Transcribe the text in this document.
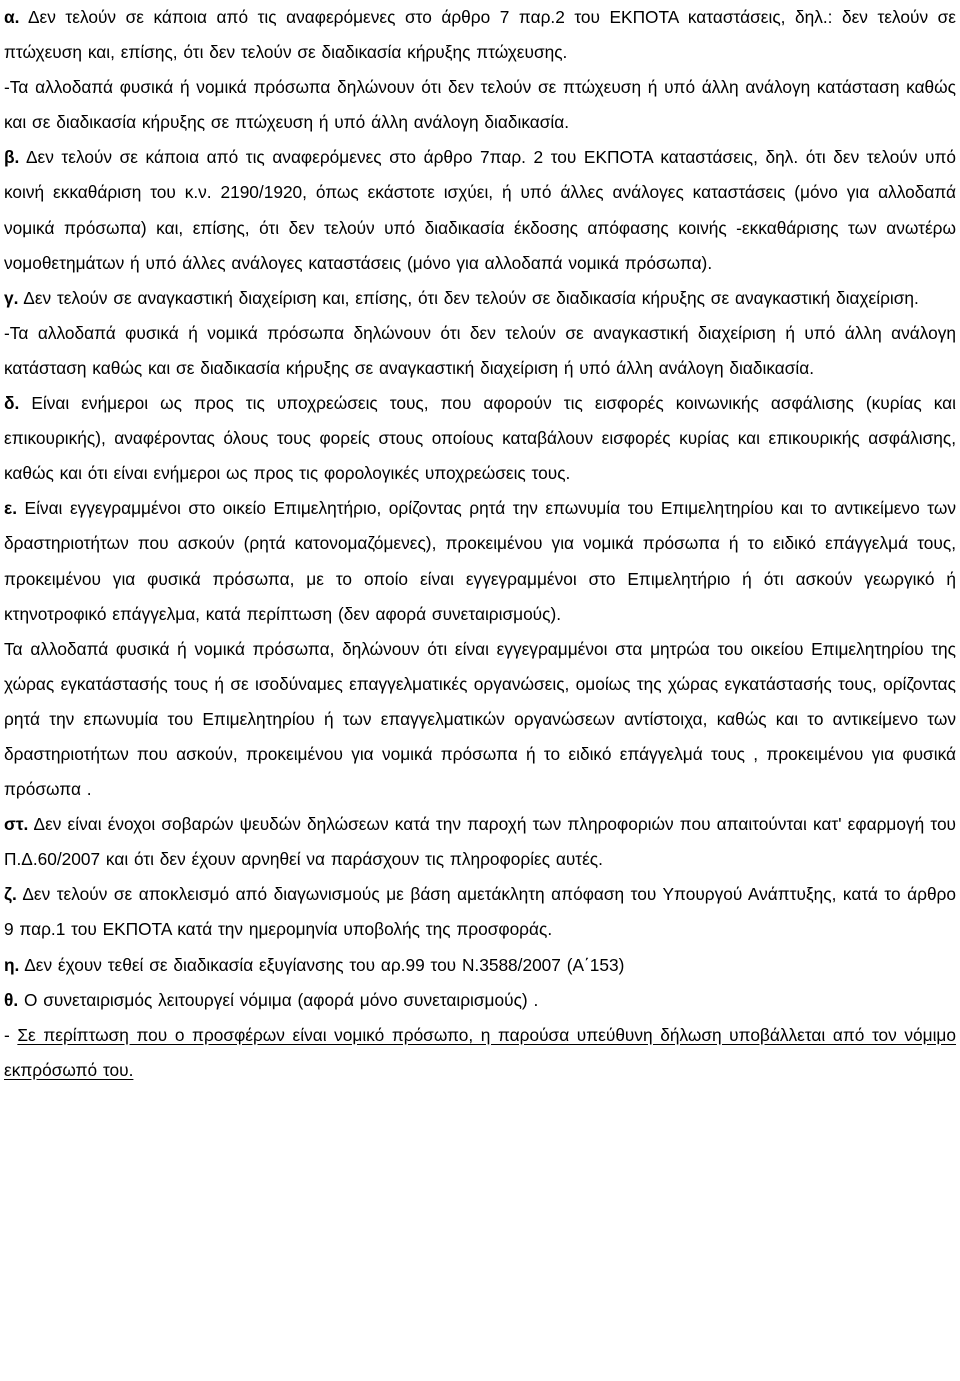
α. Δεν τελούν σε κάποια από τις αναφερόμενες στο άρθρο 7 παρ.2 του ΕΚΠΟΤΑ καταστάσεις, δηλ.: δεν τελούν σε πτώχευση και, επίσης, ότι δεν τελούν σε διαδικασία κήρυξης πτώχευσης.

-Τα αλλοδαπά φυσικά ή νομικά πρόσωπα δηλώνουν ότι δεν τελούν σε πτώχευση ή υπό άλλη ανάλογη κατάσταση καθώς και σε διαδικασία κήρυξης σε πτώχευση ή υπό άλλη ανάλογη διαδικασία.

β. Δεν τελούν σε κάποια από τις αναφερόμενες στο άρθρο 7παρ. 2 του ΕΚΠΟΤΑ καταστάσεις, δηλ. ότι δεν τελούν υπό κοινή εκκαθάριση του κ.ν. 2190/1920, όπως εκάστοτε ισχύει, ή υπό άλλες ανάλογες καταστάσεις (μόνο για αλλοδαπά νομικά πρόσωπα) και, επίσης, ότι δεν τελούν υπό διαδικασία έκδοσης απόφασης κοινής -εκκαθάρισης των ανωτέρω νομοθετημάτων ή υπό άλλες ανάλογες καταστάσεις (μόνο για αλλοδαπά νομικά πρόσωπα).

γ. Δεν τελούν σε αναγκαστική διαχείριση και, επίσης, ότι δεν τελούν σε διαδικασία κήρυξης σε αναγκαστική διαχείριση.

-Τα αλλοδαπά φυσικά ή νομικά πρόσωπα δηλώνουν ότι δεν τελούν σε αναγκαστική διαχείριση ή υπό άλλη ανάλογη κατάσταση καθώς και σε διαδικασία κήρυξης σε αναγκαστική διαχείριση ή υπό άλλη ανάλογη διαδικασία.

δ. Είναι ενήμεροι ως προς τις υποχρεώσεις τους, που αφορούν τις εισφορές κοινωνικής ασφάλισης (κυρίας και επικουρικής), αναφέροντας όλους τους φορείς στους οποίους καταβάλουν εισφορές κυρίας και επικουρικής ασφάλισης, καθώς και ότι είναι ενήμεροι ως προς τις φορολογικές υποχρεώσεις τους.

ε. Είναι εγγεγραμμένοι στο οικείο Επιμελητήριο, ορίζοντας ρητά την επωνυμία του Επιμελητηρίου και το αντικείμενο των δραστηριοτήτων που ασκούν (ρητά κατονομαζόμενες), προκειμένου για νομικά πρόσωπα ή το ειδικό επάγγελμά τους, προκειμένου για φυσικά πρόσωπα, με το οποίο είναι εγγεγραμμένοι στο Επιμελητήριο ή ότι ασκούν γεωργικό ή κτηνοτροφικό επάγγελμα, κατά περίπτωση (δεν αφορά συνεταιρισμούς).

Τα αλλοδαπά φυσικά ή νομικά πρόσωπα, δηλώνουν ότι είναι εγγεγραμμένοι στα μητρώα του οικείου Επιμελητηρίου της χώρας εγκατάστασής τους ή σε ισοδύναμες επαγγελματικές οργανώσεις, ομοίως της χώρας εγκατάστασής τους, ορίζοντας ρητά την επωνυμία του Επιμελητηρίου ή των επαγγελματικών οργανώσεων αντίστοιχα, καθώς και το αντικείμενο των δραστηριοτήτων που ασκούν, προκειμένου για νομικά πρόσωπα ή το ειδικό επάγγελμά τους , προκειμένου για φυσικά πρόσωπα .

στ. Δεν είναι ένοχοι σοβαρών ψευδών δηλώσεων κατά την παροχή των πληροφοριών που απαιτούνται κατ' εφαρμογή του Π.Δ.60/2007 και ότι δεν έχουν αρνηθεί να παράσχουν τις πληροφορίες αυτές.

ζ. Δεν τελούν σε αποκλεισμό από διαγωνισμούς με βάση αμετάκλητη απόφαση του Υπουργού Ανάπτυξης, κατά το άρθρο 9 παρ.1 του ΕΚΠΟΤΑ κατά την ημερομηνία υποβολής της προσφοράς.

η. Δεν έχουν τεθεί σε διαδικασία εξυγίανσης του αρ.99 του Ν.3588/2007 (Α΄153)

θ. Ο συνεταιρισμός λειτουργεί νόμιμα (αφορά μόνο συνεταιρισμούς) .

- Σε περίπτωση που ο προσφέρων είναι νομικό πρόσωπο, η παρούσα υπεύθυνη δήλωση υποβάλλεται από τον νόμιμο εκπρόσωπό του.
